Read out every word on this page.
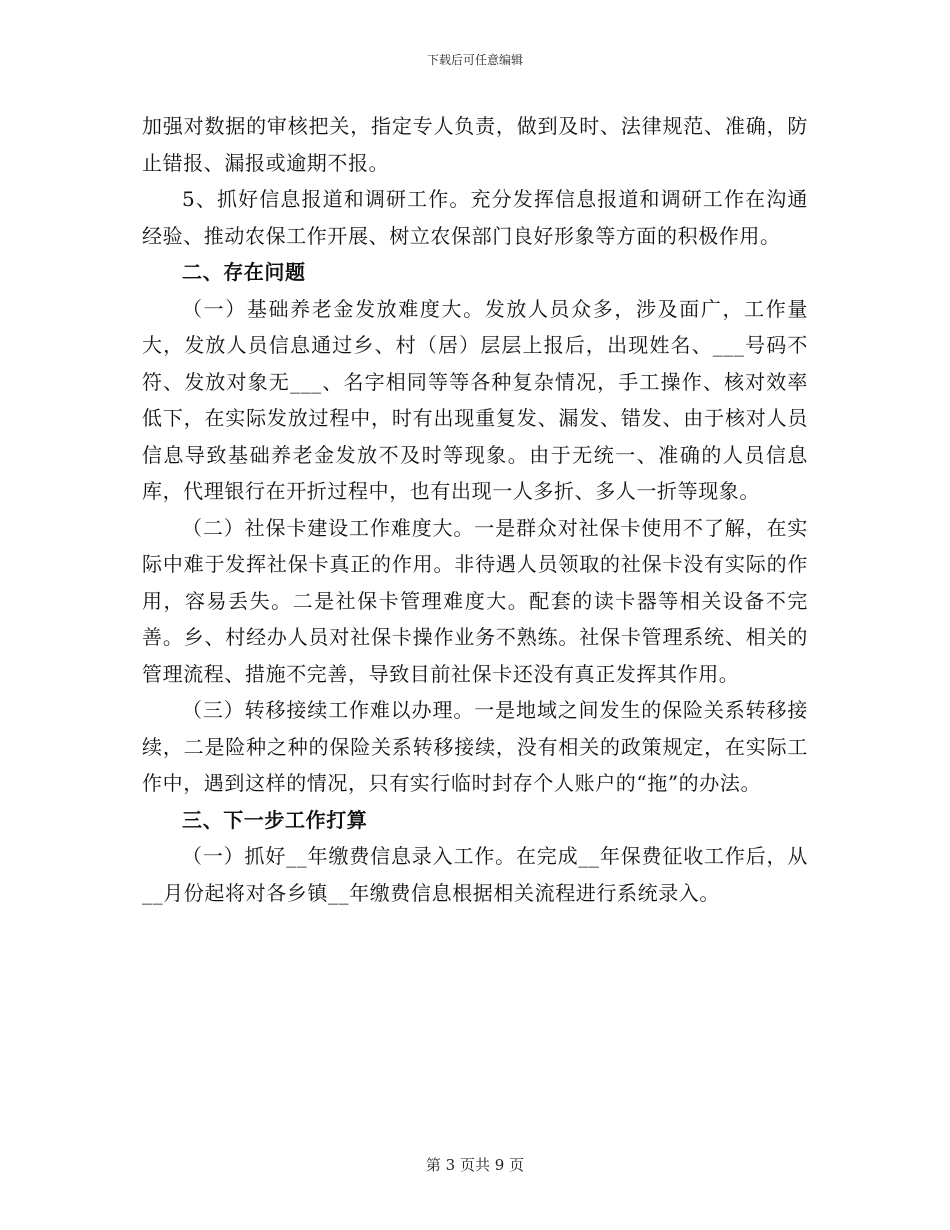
下载后可任意编辑

加强对数据的审核把关，指定专人负责，做到及时、法律规范、准确，防止错报、漏报或逾期不报。

5、抓好信息报道和调研工作。充分发挥信息报道和调研工作在沟通经验、推动农保工作开展、树立农保部门良好形象等方面的积极作用。

二、存在问题

（一）基础养老金发放难度大。发放人员众多，涉及面广，工作量大，发放人员信息通过乡、村（居）层层上报后，出现姓名、___号码不符、发放对象无___、名字相同等等各种复杂情况，手工操作、核对效率低下，在实际发放过程中，时有出现重复发、漏发、错发、由于核对人员信息导致基础养老金发放不及时等现象。由于无统一、准确的人员信息库，代理银行在开折过程中，也有出现一人多折、多人一折等现象。

（二）社保卡建设工作难度大。一是群众对社保卡使用不了解，在实际中难于发挥社保卡真正的作用。非待遇人员领取的社保卡没有实际的作用，容易丢失。二是社保卡管理难度大。配套的读卡器等相关设备不完善。乡、村经办人员对社保卡操作业务不熟练。社保卡管理系统、相关的管理流程、措施不完善，导致目前社保卡还没有真正发挥其作用。

（三）转移接续工作难以办理。一是地域之间发生的保险关系转移接续，二是险种之种的保险关系转移接续，没有相关的政策规定，在实际工作中，遇到这样的情况，只有实行临时封存个人账户的“拖”的办法。

三、下一步工作打算

（一）抓好__年缴费信息录入工作。在完成__年保费征收工作后，从__月份起将对各乡镇__年缴费信息根据相关流程进行系统录入。

第 3 页共 9 页
